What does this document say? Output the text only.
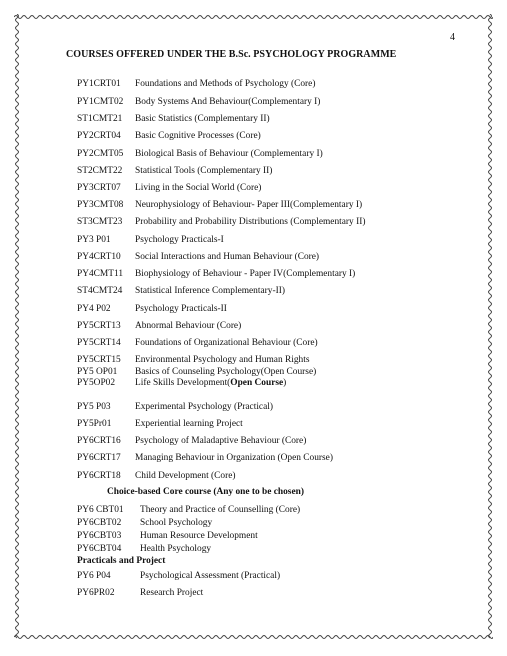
4
COURSES OFFERED UNDER THE B.Sc. PSYCHOLOGY PROGRAMME
PY1CRT01 Foundations and Methods of Psychology (Core)
PY1CMT02 Body Systems And Behaviour(Complementary I)
ST1CMT21 Basic Statistics (Complementary II)
PY2CRT04 Basic Cognitive Processes (Core)
PY2CMT05 Biological Basis of Behaviour (Complementary I)
ST2CMT22 Statistical Tools (Complementary II)
PY3CRT07 Living in the Social World (Core)
PY3CMT08 Neurophysiology of Behaviour- Paper III(Complementary I)
ST3CMT23 Probability and Probability Distributions (Complementary II)
PY3 P01	Psychology Practicals-I
PY4CRT10 Social Interactions and Human Behaviour (Core)
PY4CMT11 Biophysiology of Behaviour - Paper IV(Complementary I)
ST4CMT24 Statistical Inference Complementary-II)
PY4 P02	Psychology Practicals-II
PY5CRT13 Abnormal Behaviour (Core)
PY5CRT14 Foundations of Organizational Behaviour (Core)
PY5CRT15 Environmental Psychology and Human Rights
PY5 OP01 Basics of Counseling Psychology(Open Course)
PY5OP02 Life Skills Development(Open Course)
PY5 P03	Experimental Psychology (Practical)
PY5Pr01	Experiential learning Project
PY6CRT16 Psychology of Maladaptive Behaviour (Core)
PY6CRT17 Managing Behaviour in Organization (Open Course)
PY6CRT18 Child Development (Core)
Choice-based Core course (Any one to be chosen)
PY6 CBT01 Theory and Practice of Counselling (Core)
PY6CBT02 School Psychology
PY6CBT03 Human Resource Development
PY6CBT04 Health Psychology
Practicals and Project
PY6 P04	Psychological Assessment (Practical)
PY6PR02	Research Project
